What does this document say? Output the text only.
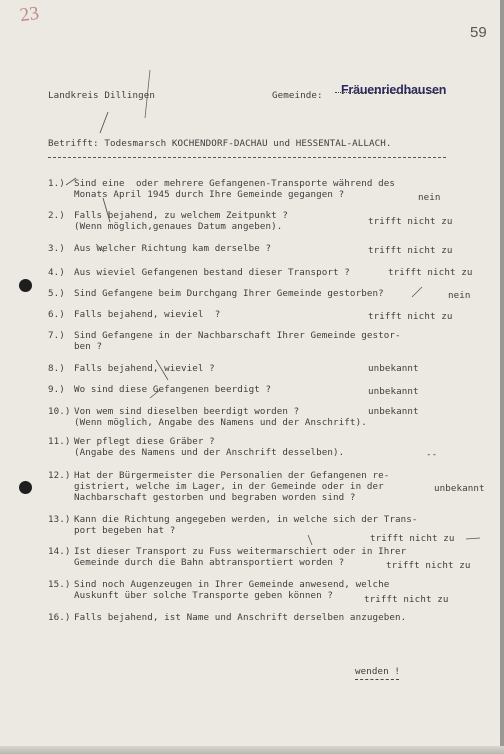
23
59
Landkreis Dillingen	Gemeinde: Fräuenriedhausen
Betrifft: Todesmarsch KOCHENDORF-DACHAU und HESSENTAL-ALLACH.
1.) Sind eine  oder mehrere Gefangenen-Transporte während des
Monats April 1945 durch Ihre Gemeinde gegangen ?	nein
2.) Falls bejahend, zu welchem Zeitpunkt ?
(Wenn möglich,genaues Datum angeben).	trifft nicht zu
3.) Aus welcher Richtung kam derselbe ?	trifft nicht zu
4.) Aus wieviel Gefangenen bestand dieser Transport ?	trifft nicht zu
5.) Sind Gefangene beim Durchgang Ihrer Gemeinde gestorben?	nein
6.) Falls bejahend, wieviel  ?	trifft nicht zu
7.) Sind Gefangene in der Nachbarschaft Ihrer Gemeinde gestor-
ben ?
8.) Falls bejahend, wieviel ?	unbekannt
9.) Wo sind diese Gefangenen beerdigt ?	unbekannt
10.) Von wem sind dieselben beerdigt worden ?
(Wenn möglich, Angabe des Namens und der Anschrift).
unbekannt
11.) Wer pflegt diese Gräber ?
(Angabe des Namens und der Anschrift desselben).	--
12.) Hat der Bürgermeister die Personalien der Gefangenen re-
gistriert, welche im Lager, in der Gemeinde oder in der
Nachbarschaft gestorben und begraben worden sind ?
unbekannt
13.) Kann die Richtung angegeben werden, in welche sich der Trans-
port begeben hat ?
trifft nicht zu
14.) Ist dieser Transport zu Fuss weitermarschiert oder in Ihrer
Gemeinde durch die Bahn abtransportiert worden ?	trifft nicht zu
15.) Sind noch Augenzeugen in Ihrer Gemeinde anwesend, welche
Auskunft über solche Transporte geben können ?	trifft nicht zu
16.) Falls bejahend, ist Name und Anschrift derselben anzugeben.
wenden !
